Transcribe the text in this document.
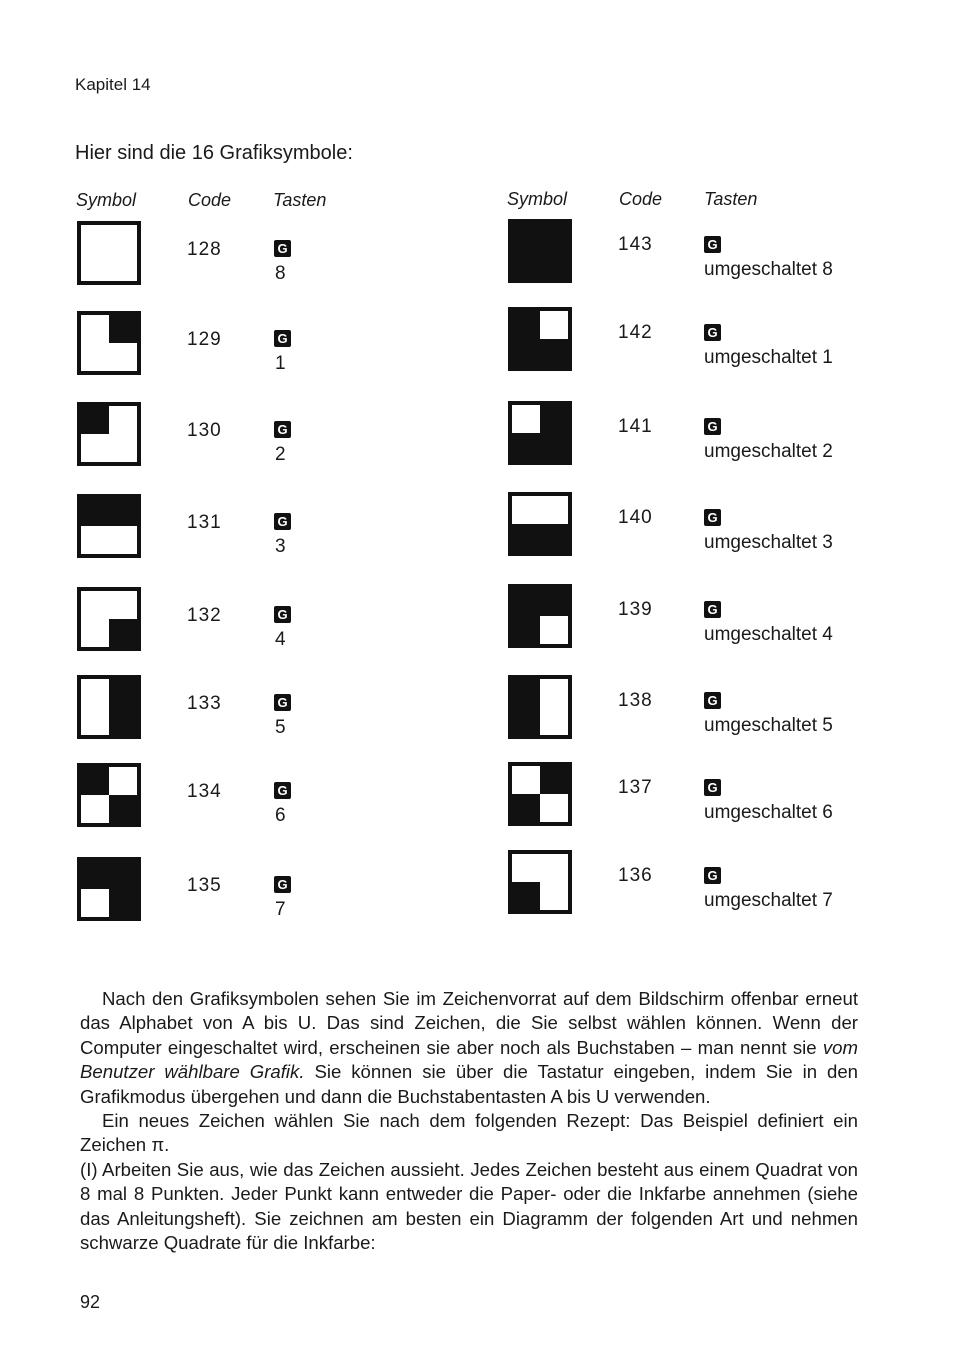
Kapitel 14
Hier sind die 16 Grafiksymbole:
Symbol	Code Tasten	Symbol	Code Tasten
128	G
8
129	G
1
130	G
2
131	G
3
132	G
4
133	G
5
134	G
6
135	G
7
143	G
umgeschaltet 8
142	G
umgeschaltet 1
141	G
umgeschaltet 2
140	G
umgeschaltet 3
139	G
umgeschaltet 4
138	G
umgeschaltet 5
137	G
umgeschaltet 6
136	G
umgeschaltet 7

Nach den Grafiksymbolen sehen Sie im Zeichenvorrat auf dem Bildschirm offenbar erneut das Alphabet von A bis U. Das sind Zeichen, die Sie selbst wählen können. Wenn der Computer eingeschaltet wird, erscheinen sie aber noch als Buchstaben – man nennt sie vom Benutzer wählbare Grafik. Sie können sie über die Tastatur eingeben, indem Sie in den Grafikmodus übergehen und dann die Buchstabentasten A bis U verwenden.

Ein neues Zeichen wählen Sie nach dem folgenden Rezept: Das Beispiel definiert ein Zeichen π.

(I) Arbeiten Sie aus, wie das Zeichen aussieht. Jedes Zeichen besteht aus einem Quadrat von 8 mal 8 Punkten. Jeder Punkt kann entweder die Paper- oder die Inkfarbe annehmen (siehe das Anleitungsheft). Sie zeichnen am besten ein Diagramm der folgenden Art und nehmen schwarze Quadrate für die Inkfarbe:

92
